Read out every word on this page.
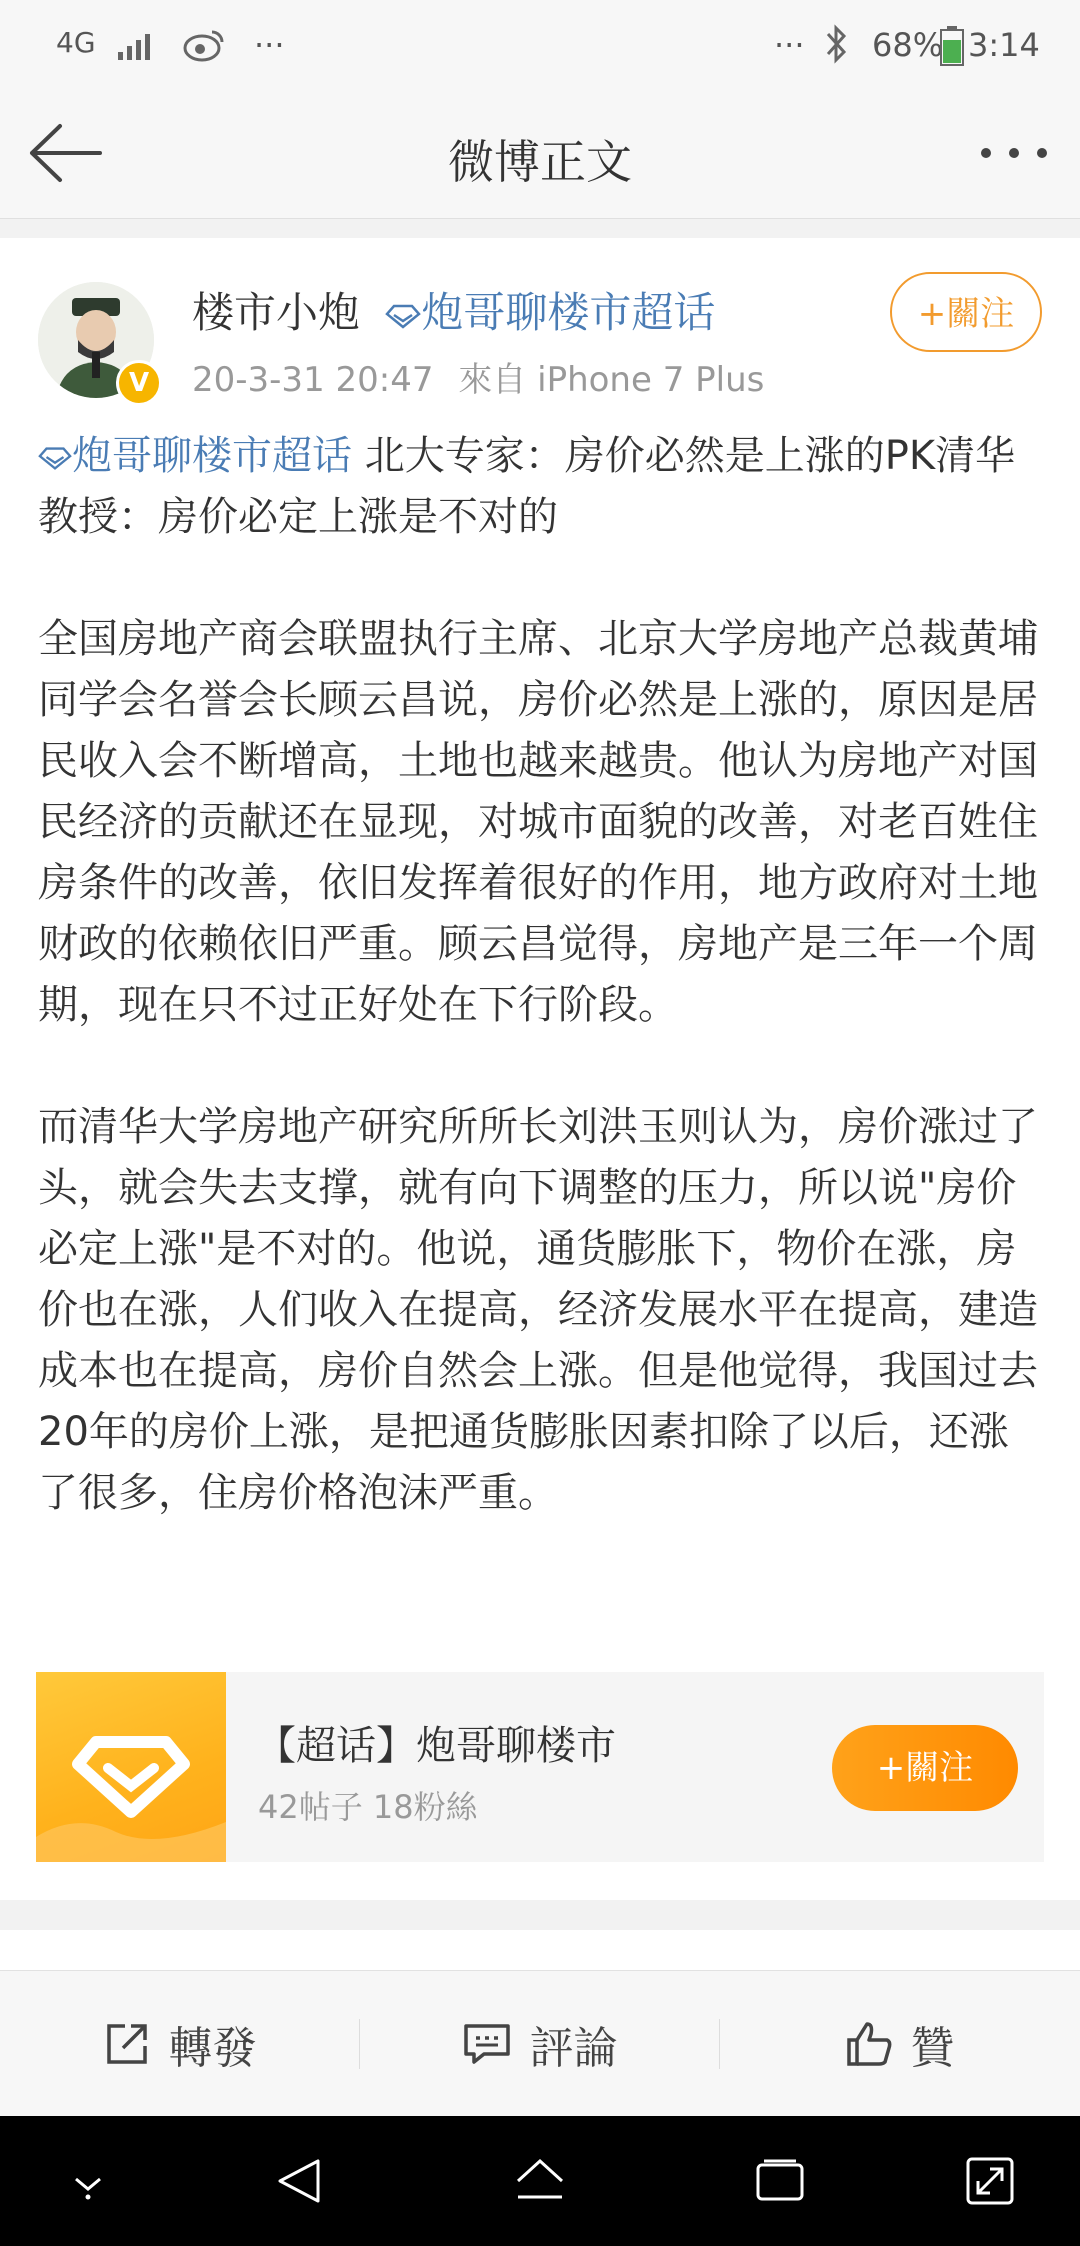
4G	···	··· 68% 3:14
微博正文
V
楼市小炮 炮哥聊楼市超话
20-3-31 20:47 來自 iPhone 7 Plus
+關注

炮哥聊楼市超话 北大专家：房价必然是上涨的PK清华教授：房价必定上涨是不对的

全国房地产商会联盟执行主席、北京大学房地产总裁黄埔同学会名誉会长顾云昌说，房价必然是上涨的，原因是居民收入会不断增高，土地也越来越贵。他认为房地产对国民经济的贡献还在显现，对城市面貌的改善，对老百姓住房条件的改善，依旧发挥着很好的作用，地方政府对土地财政的依赖依旧严重。顾云昌觉得，房地产是三年一个周期，现在只不过正好处在下行阶段。

而清华大学房地产研究所所长刘洪玉则认为，房价涨过了头，就会失去支撑，就有向下调整的压力，所以说"房价必定上涨"是不对的。他说，通货膨胀下，物价在涨，房价也在涨，人们收入在提高，经济发展水平在提高，建造成本也在提高，房价自然会上涨。但是他觉得，我国过去20年的房价上涨，是把通货膨胀因素扣除了以后，还涨了很多，住房价格泡沫严重。

【超话】炮哥聊楼市
42帖子 18粉絲
+關注
轉發	評論	贊
